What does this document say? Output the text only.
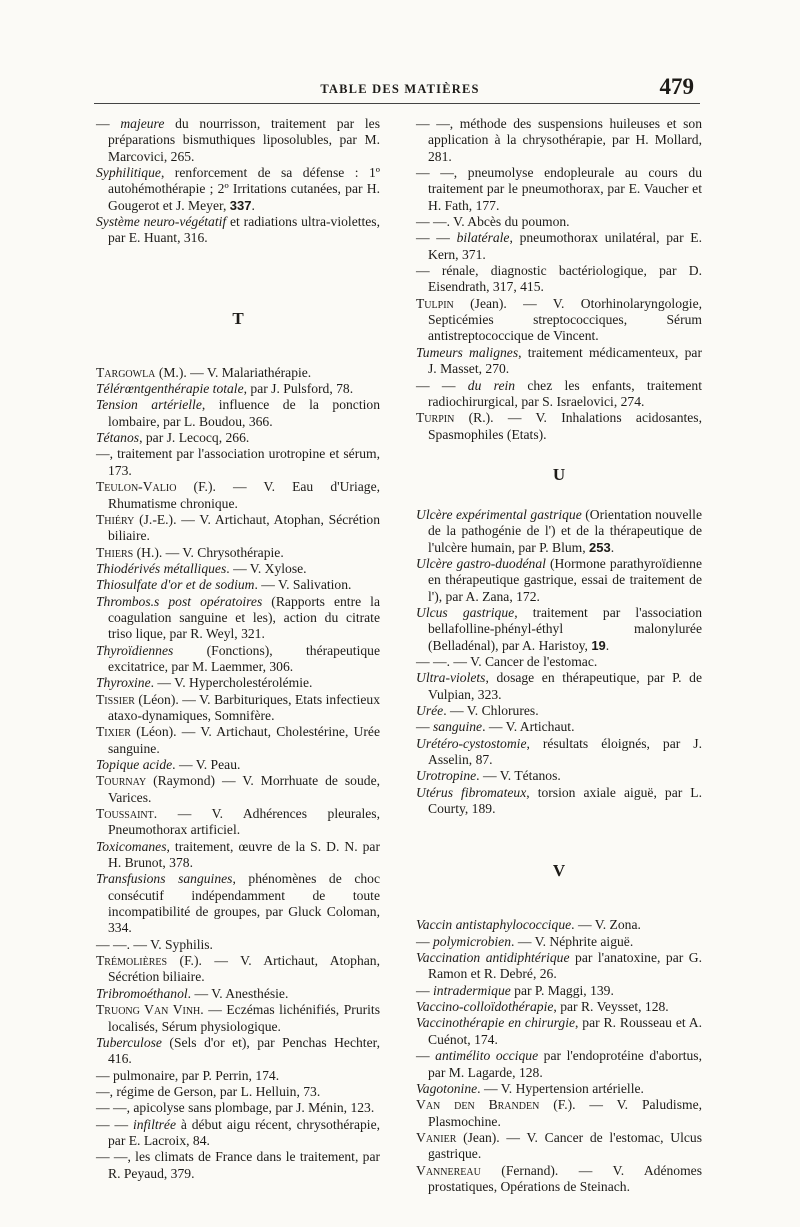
TABLE DES MATIÈRES	479

— majeure du nourrisson, traitement par les préparations bismuthiques liposolubles, par M. Marcovici, 265.

Syphilitique, renforcement de sa défense : 1º autohémothérapie ; 2º Irritations cutanées, par H. Gougerot et J. Meyer, 337.

Système neuro-végétatif et radiations ultra-violettes, par E. Huant, 316.

T

Targowla (M.). — V. Malariathérapie.

Télérœntgenthérapie totale, par J. Pulsford, 78.

Tension artérielle, influence de la ponction lombaire, par L. Boudou, 366.

Tétanos, par J. Lecocq, 266.

—, traitement par l'association urotropine et sérum, 173.

Teulon-Valio (F.). — V. Eau d'Uriage, Rhumatisme chronique.

Thiéry (J.-E.). — V. Artichaut, Atophan, Sécrétion biliaire.

Thiers (H.). — V. Chrysothérapie.

Thiodérivés métalliques. — V. Xylose.

Thiosulfate d'or et de sodium. — V. Salivation.

Thrombos.s post opératoires (Rapports entre la coagulation sanguine et les), action du citrate triso lique, par R. Weyl, 321.

Thyroïdiennes (Fonctions), thérapeutique excitatrice, par M. Laemmer, 306.

Thyroxine. — V. Hypercholestérolémie.

Tissier (Léon). — V. Barbituriques, Etats infectieux ataxo-dynamiques, Somnifère.

Tixier (Léon). — V. Artichaut, Cholestérine, Urée sanguine.

Topique acide. — V. Peau.

Tournay (Raymond) — V. Morrhuate de soude, Varices.

Toussaint. — V. Adhérences pleurales, Pneumothorax artificiel.

Toxicomanes, traitement, œuvre de la S. D. N. par H. Brunot, 378.

Transfusions sanguines, phénomènes de choc consécutif indépendamment de toute incompatibilité de groupes, par Gluck Coloman, 334.

— —. — V. Syphilis.

Trémolières (F.). — V. Artichaut, Atophan, Sécrétion biliaire.

Tribromoéthanol. — V. Anesthésie.

Truong Van Vinh. — Eczémas lichénifiés, Prurits localisés, Sérum physiologique.

Tuberculose (Sels d'or et), par Penchas Hechter, 416.

— pulmonaire, par P. Perrin, 174.

—, régime de Gerson, par L. Helluin, 73.

— —, apicolyse sans plombage, par J. Ménin, 123.

— — infiltrée à début aigu récent, chrysothérapie, par E. Lacroix, 84.

— —, les climats de France dans le traitement, par R. Peyaud, 379.

— —, méthode des suspensions huileuses et son application à la chrysothérapie, par H. Mollard, 281.

— —, pneumolyse endopleurale au cours du traitement par le pneumothorax, par E. Vaucher et H. Fath, 177.

— —. V. Abcès du poumon.

— — bilatérale, pneumothorax unilatéral, par E. Kern, 371.

— rénale, diagnostic bactériologique, par D. Eisendrath, 317, 415.

Tulpin (Jean). — V. Otorhinolaryngologie, Septicémies streptococciques, Sérum antistreptococcique de Vincent.

Tumeurs malignes, traitement médicamenteux, par J. Masset, 270.

— — du rein chez les enfants, traitement radiochirurgical, par S. Israelovici, 274.

Turpin (R.). — V. Inhalations acidosantes, Spasmophiles (Etats).

U

Ulcère expérimental gastrique (Orientation nouvelle de la pathogénie de l') et de la thérapeutique de l'ulcère humain, par P. Blum, 253.

Ulcère gastro-duodénal (Hormone parathyroïdienne en thérapeutique gastrique, essai de traitement de l'), par A. Zana, 172.

Ulcus gastrique, traitement par l'association bellafolline-phényl-éthyl malonylurée (Belladénal), par A. Haristoy, 19.

— —. — V. Cancer de l'estomac.

Ultra-violets, dosage en thérapeutique, par P. de Vulpian, 323.

Urée. — V. Chlorures.

— sanguine. — V. Artichaut.

Urétéro-cystostomie, résultats éloignés, par J. Asselin, 87.

Urotropine. — V. Tétanos.

Utérus fibromateux, torsion axiale aiguë, par L. Courty, 189.

V

Vaccin antistaphylococcique. — V. Zona.

— polymicrobien. — V. Néphrite aiguë.

Vaccination antidiphtérique par l'anatoxine, par G. Ramon et R. Debré, 26.

— intradermique par P. Maggi, 139.

Vaccino-colloïdothérapie, par R. Veysset, 128.

Vaccinothérapie en chirurgie, par R. Rousseau et A. Cuénot, 174.

— antimélito occique par l'endoprotéine d'abortus, par M. Lagarde, 128.

Vagotonine. — V. Hypertension artérielle.

Van den Branden (F.). — V. Paludisme, Plasmochine.

Vanier (Jean). — V. Cancer de l'estomac, Ulcus gastrique.

Vannereau (Fernand). — V. Adénomes prostatiques, Opérations de Steinach.
